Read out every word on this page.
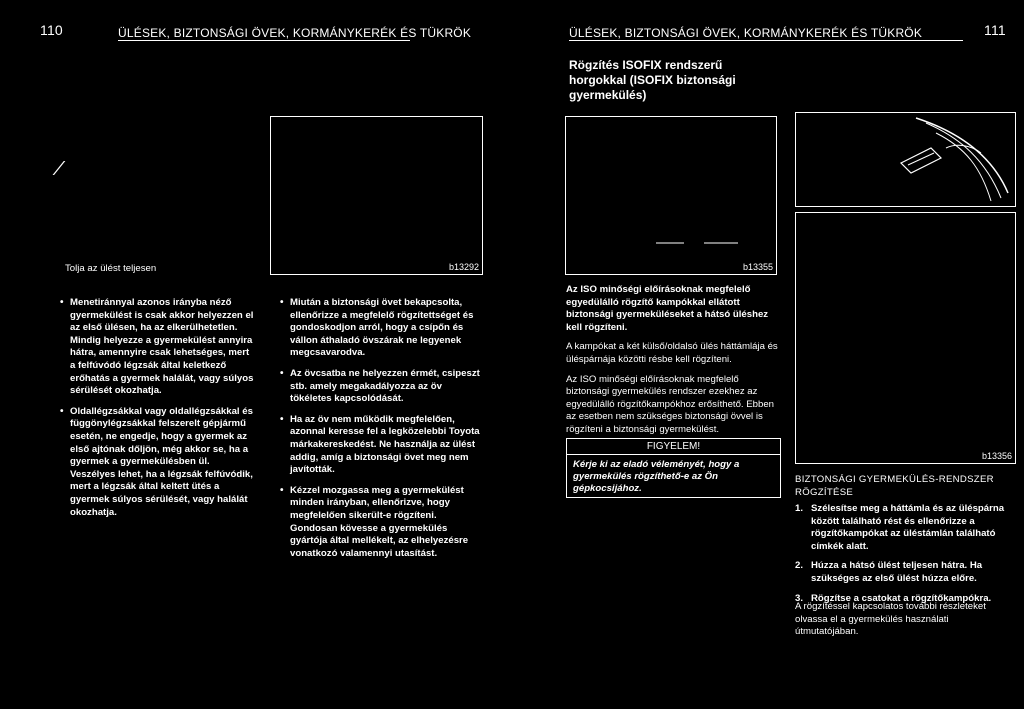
110	ÜLÉSEK, BIZTONSÁGI ÖVEK, KORMÁNYKERÉK ÉS TÜKRÖK	ÜLÉSEK, BIZTONSÁGI ÖVEK, KORMÁNYKERÉK ÉS TÜKRÖK	111
⁄
Tolja az ülést teljesen	b13292
• Menetiránnyal azonos irányba néző gyermekülést is csak akkor helyezzen el az első ülésen, ha az elkerülhetetlen. Mindig helyezze a gyermekülést annyira hátra, amennyire csak lehetséges, mert a felfúvódó légzsák által keletkező erőhatás a gyermek halálát, vagy súlyos sérülését okozhatja.
• Oldallégzsákkal vagy oldallégzsákkal és függönylégzsákkal felszerelt gépjármű esetén, ne engedje, hogy a gyermek az első ajtónak dőljön, még akkor se, ha a gyermek a gyermekülésben ül. Veszélyes lehet, ha a légzsák felfúvódik, mert a légzsák által keltett ütés a gyermek súlyos sérülését, vagy halálát okozhatja.
• Miután a biztonsági övet bekapcsolta, ellenőrizze a megfelelő rögzítettséget és gondoskodjon arról, hogy a csípőn és vállon áthaladó övszárak ne legyenek megcsavarodva.
• Az övcsatba ne helyezzen érmét, csipeszt stb. amely megakadályozza az öv tökéletes kapcsolódását.
• Ha az öv nem működik megfelelően, azonnal keresse fel a legközelebbi Toyota márkakereskedést. Ne használja az ülést addig, amíg a biztonsági övet meg nem javították.
• Kézzel mozgassa meg a gyermekülést minden irányban, ellenőrizve, hogy megfelelően sikerült-e rögzíteni. Gondosan kövesse a gyermekülés gyártója által mellékelt, az elhelyezésre vonatkozó valamennyi utasítást.
Rögzítés ISOFIX rendszerű horgokkal (ISOFIX biztonsági gyermekülés)
b13355

Az ISO minőségi előírásoknak megfelelő egyedülálló rögzítő kampókkal ellátott biztonsági gyermeküléseket a hátsó üléshez kell rögzíteni.

A kampókat a két külső/oldalsó ülés háttámlája és üléspárnája közötti résbe kell rögzíteni.

Az ISO minőségi előírásoknak megfelelő biztonsági gyermekülés rendszer ezekhez az egyedülálló rögzítőkampókhoz erősíthető. Ebben az esetben nem szükséges biztonsági övvel is rögzíteni a biztonsági gyermekülést.

FIGYELEM!
Kérje ki az eladó véleményét, hogy a gyermekülés rögzíthető-e az Ön gépkocsijához.
b13356
BIZTONSÁGI GYERMEKÜLÉS-RENDSZER RÖGZÍTÉSE
1. Szélesítse meg a háttámla és az üléspárna között található rést és ellenőrizze a rögzítőkampókat az üléstámlán található címkék alatt.
2. Húzza a hátsó ülést teljesen hátra. Ha szükséges az első ülést húzza előre.
3. Rögzítse a csatokat a rögzítőkampókra.
A rögzítéssel kapcsolatos további részleteket olvassa el a gyermekülés használati útmutatójában.
